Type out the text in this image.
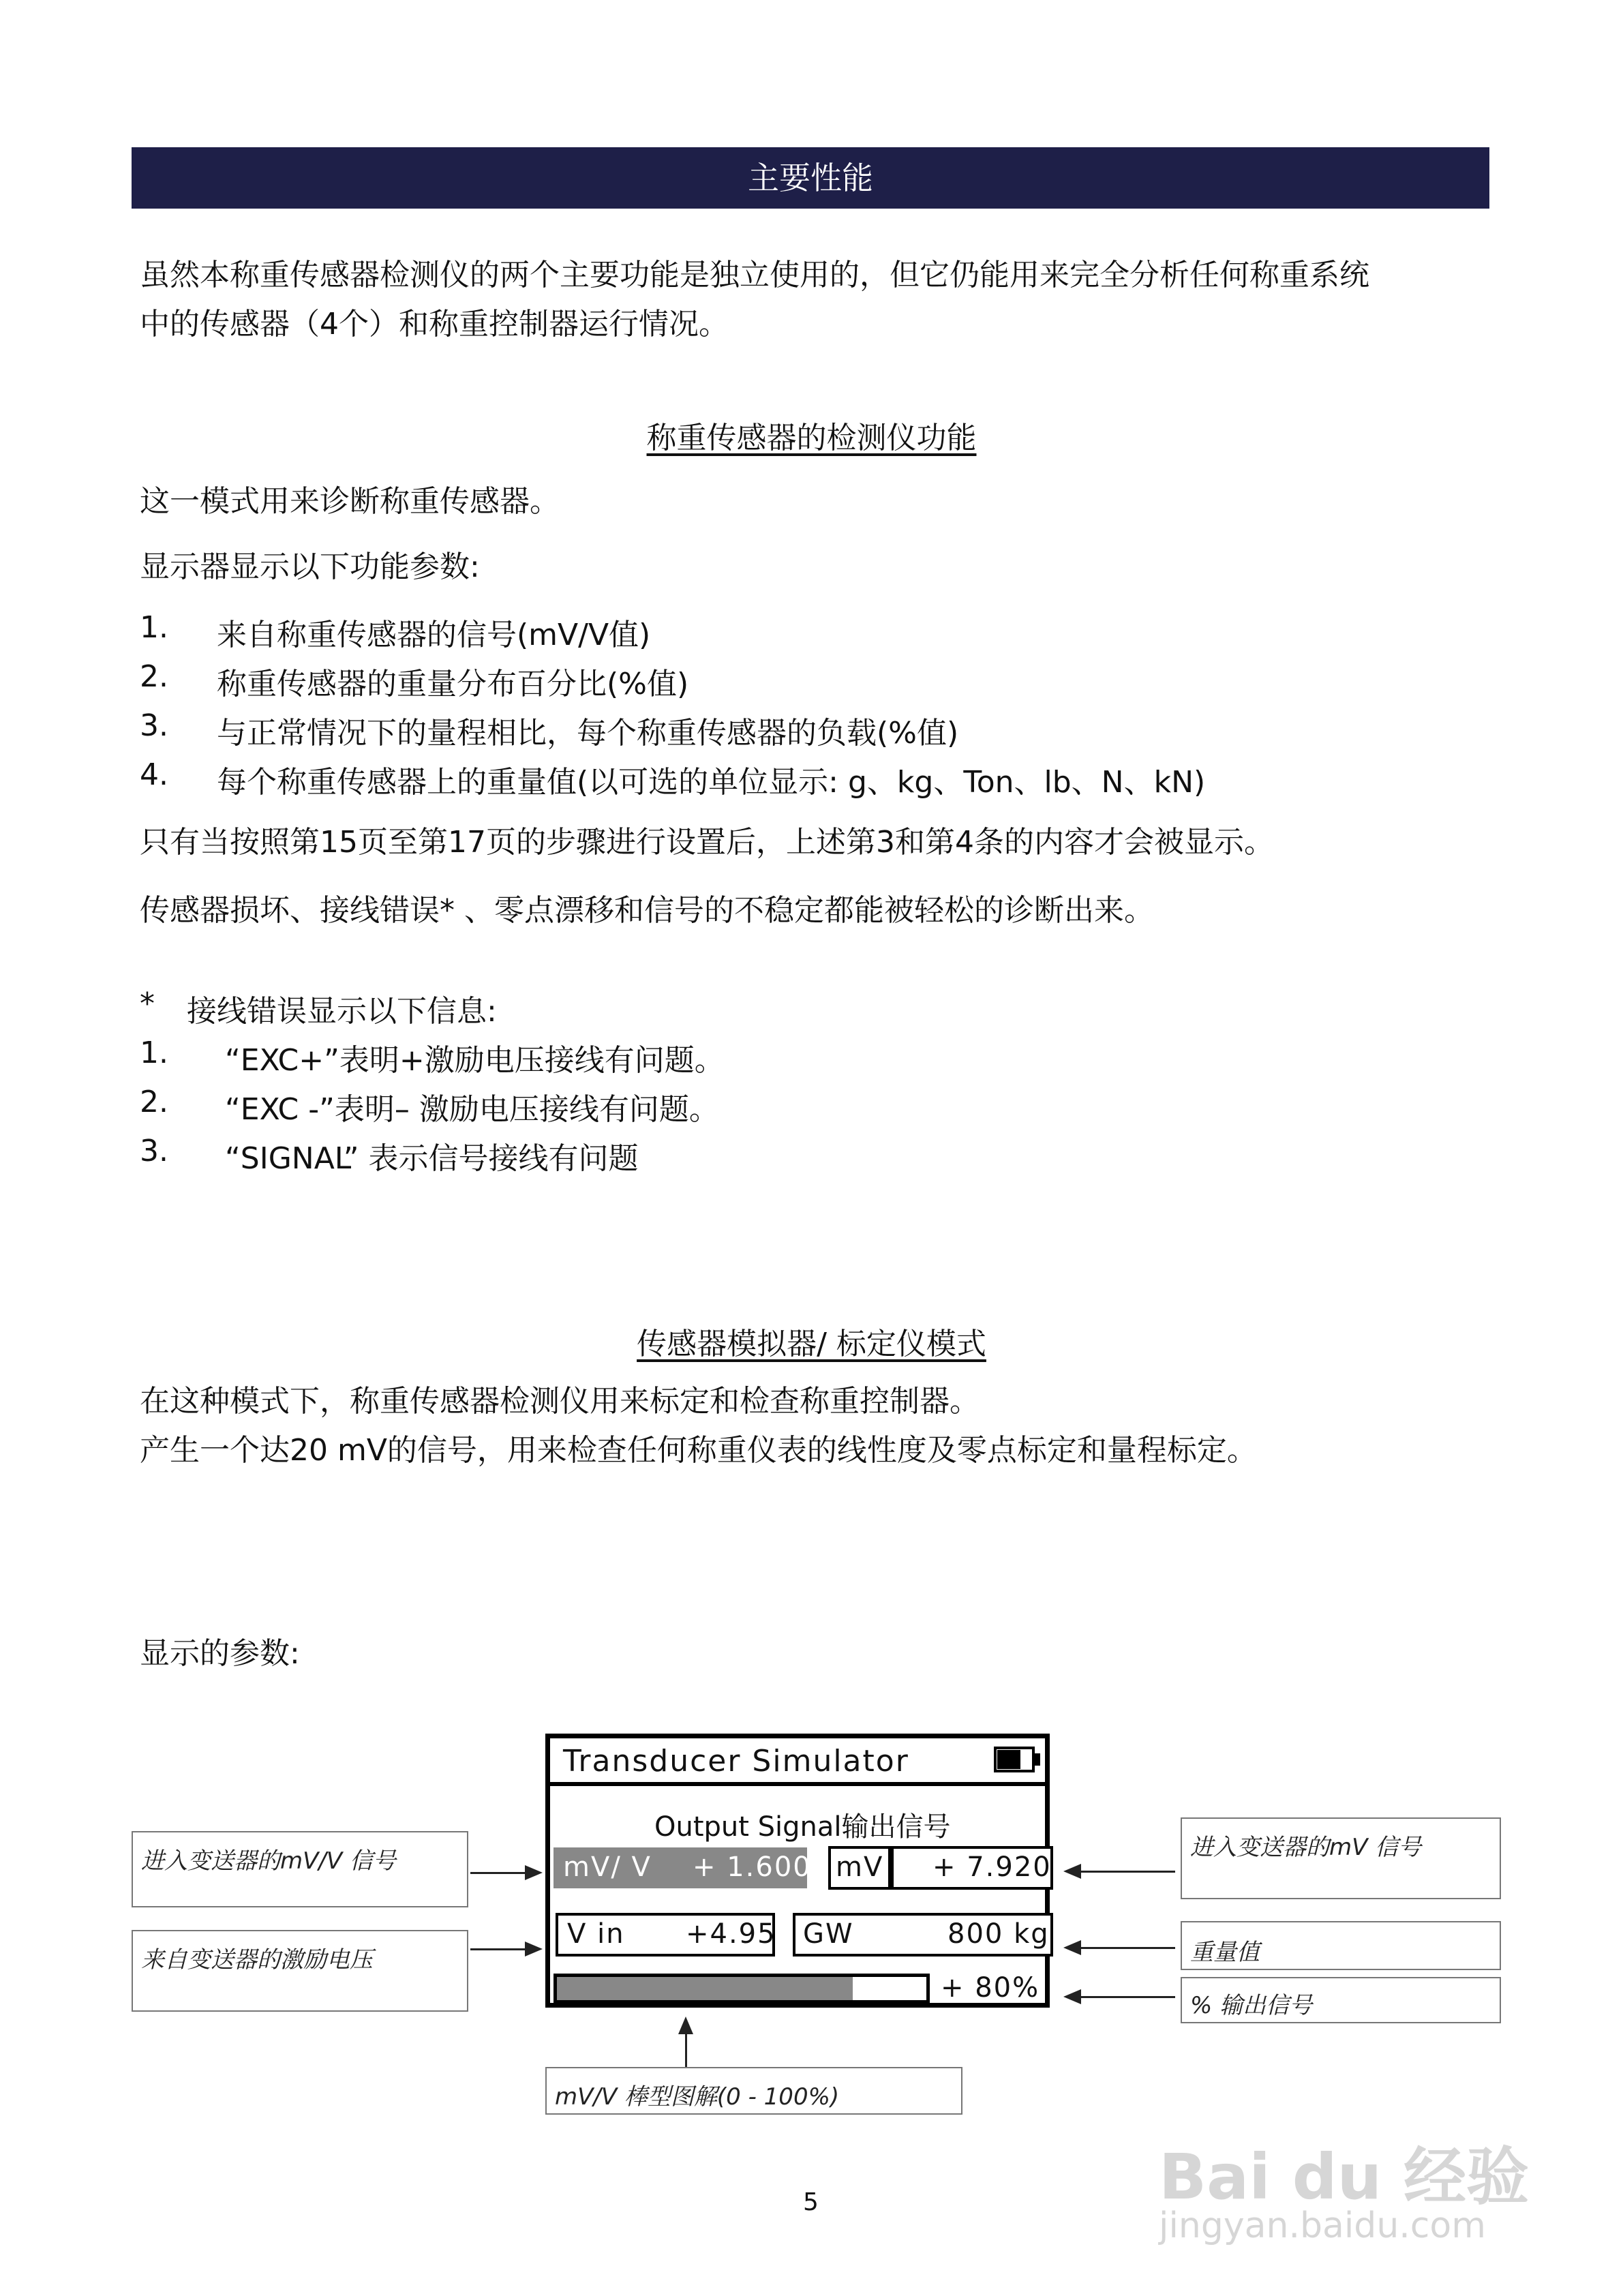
主要性能
虽然本称重传感器检测仪的两个主要功能是独立使用的，但它仍能用来完全分析任何称重系统
中的传感器（4个）和称重控制器运行情况。
称重传感器的检测仪功能
这一模式用来诊断称重传感器。
显示器显示以下功能参数:
1. 来自称重传感器的信号(mV/V值)
2. 称重传感器的重量分布百分比(%值)
3. 与正常情况下的量程相比，每个称重传感器的负载(%值)
4. 每个称重传感器上的重量值(以可选的单位显示: g、kg、Ton、lb、N、kN)
只有当按照第15页至第17页的步骤进行设置后，上述第3和第4条的内容才会被显示。
传感器损坏、接线错误* 、零点漂移和信号的不稳定都能被轻松的诊断出来。
* 接线错误显示以下信息:
1. “EXC+”表明+激励电压接线有问题。
2. “EXC -”表明– 激励电压接线有问题。
3. “SIGNAL” 表示信号接线有问题
传感器模拟器/ 标定仪模式
在这种模式下，称重传感器检测仪用来标定和检查称重控制器。
产生一个达20 mV的信号，用来检查任何称重仪表的线性度及零点标定和量程标定。
显示的参数:
Transducer Simulator
Output Signal输出信号
mV/ V + 1.600 mV + 7.920
V in +4.95 GW	800 kg
+ 80%
进入变送器的mV/V 信号
来自变送器的激励电压
进入变送器的mV 信号
重量值
% 输出信号
mV/V 棒型图解(0 - 100%)
5	Bai du 经验
jingyan.baidu.com
